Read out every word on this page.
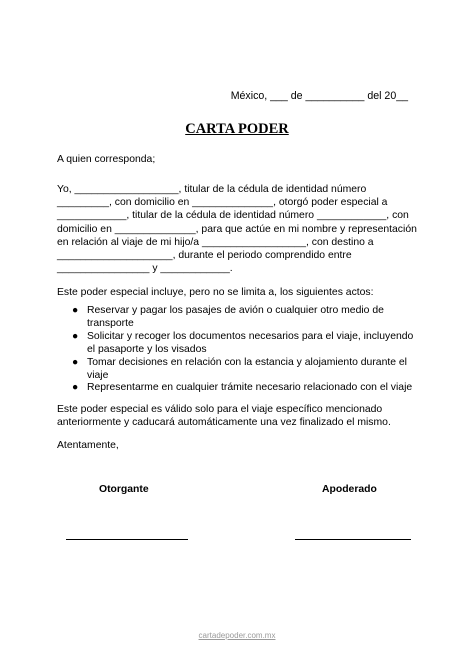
México, ___ de __________ del 20__
CARTA PODER
A quien corresponda;
Yo, __________________, titular de la cédula de identidad número _________, con domicilio en ______________, otorgó poder especial a ____________, titular de la cédula de identidad número ____________, con domicilio en ______________, para que actúe en mi nombre y representación en relación al viaje de mi hijo/a __________________, con destino a ____________________, durante el periodo comprendido entre ________________ y ____________.
Este poder especial incluye, pero no se limita a, los siguientes actos:
● Reservar y pagar los pasajes de avión o cualquier otro medio de transporte
● Solicitar y recoger los documentos necesarios para el viaje, incluyendo el pasaporte y los visados
● Tomar decisiones en relación con la estancia y alojamiento durante el viaje
● Representarme en cualquier trámite necesario relacionado con el viaje
Este poder especial es válido solo para el viaje específico mencionado anteriormente y caducará automáticamente una vez finalizado el mismo.
Atentamente,
Otorgante	Apoderado
cartadepoder.com.mx
